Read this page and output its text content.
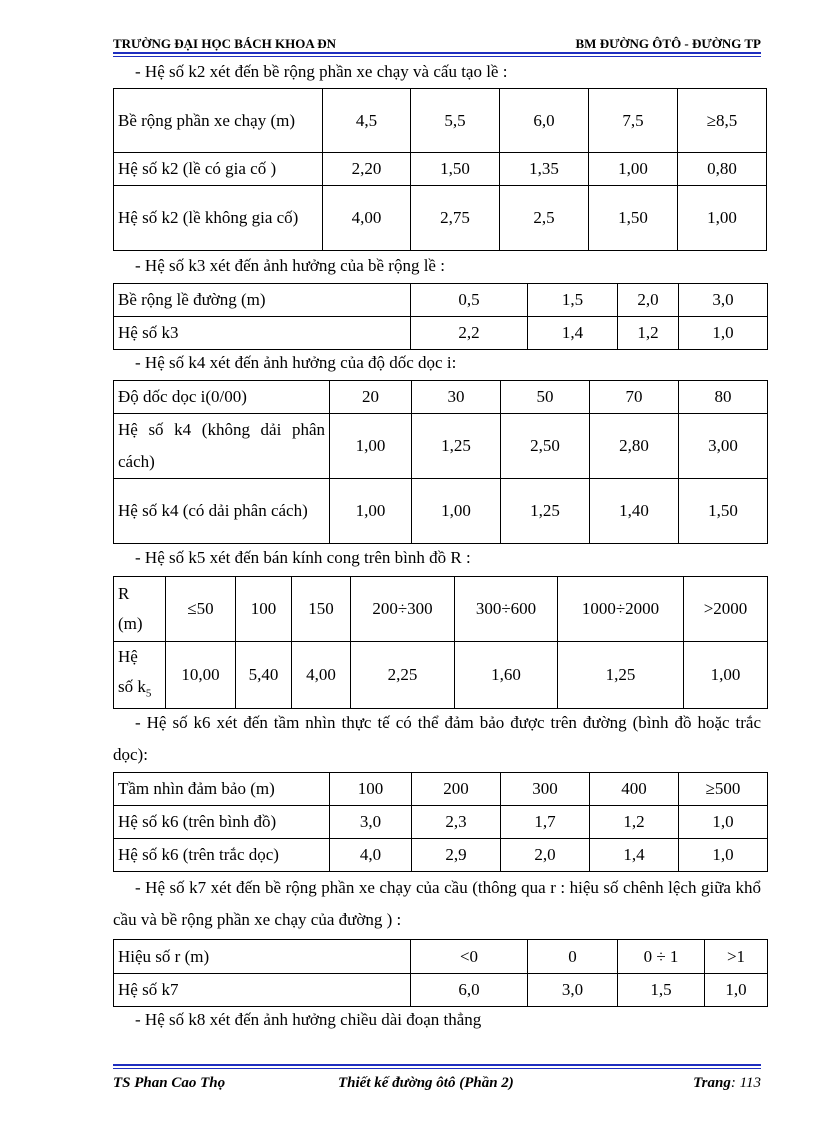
TRƯỜNG ĐẠI HỌC BÁCH KHOA ĐN	BM ĐƯỜNG ÔTÔ - ĐƯỜNG TP
- Hệ số k2 xét đến bề rộng phần xe chạy và cấu tạo lề :
Bề rộng phần xe chạy (m)	4,5	5,5	6,0	7,5	≥8,5
Hệ số k2 (lề có gia cố )	2,20	1,50	1,35	1,00	0,80
Hệ số k2 (lề không gia cố)	4,00	2,75	2,5	1,50	1,00
- Hệ số k3 xét đến ảnh hưởng của bề rộng lề :
Bề rộng lề đường (m)	0,5	1,5	2,0	3,0
Hệ số k3	2,2	1,4	1,2	1,0
- Hệ số k4 xét đến ảnh hưởng của độ dốc dọc i:
Độ dốc dọc i(0/00)	20	30	50	70	80
Hệ số k4 (không dải phân cách)	1,00	1,25	2,50	2,80	3,00
Hệ số k4 (có dải phân cách)	1,00	1,00	1,25	1,40	1,50
- Hệ số k5 xét đến bán kính cong trên bình đồ R :
R
(m)	≤50	100	150	200÷300	300÷600	1000÷2000	>2000

Hệ
số $k_5$	10,00	5,40	4,00	2,25	1,60	1,25	1,00
- Hệ số k6 xét đến tầm nhìn thực tế có thể đảm bảo được trên đường (bình đồ hoặc trắc dọc):
Tầm nhìn đảm bảo (m)	100	200	300	400	≥500
Hệ số k6 (trên bình đồ)	3,0	2,3	1,7	1,2	1,0
Hệ số k6 (trên trắc dọc)	4,0	2,9	2,0	1,4	1,0
- Hệ số k7 xét đến bề rộng phần xe chạy của cầu (thông qua r : hiệu số chênh lệch giữa khổ cầu và bề rộng phần xe chạy của đường ) :
Hiệu số r (m)	<0	0	0 ÷ 1	>1
Hệ số k7	6,0	3,0	1,5	1,0
- Hệ số k8 xét đến ảnh hưởng chiều dài đoạn thẳng
TS Phan Cao Thọ	Thiết kế đường ôtô (Phần 2)	Trang: 113
